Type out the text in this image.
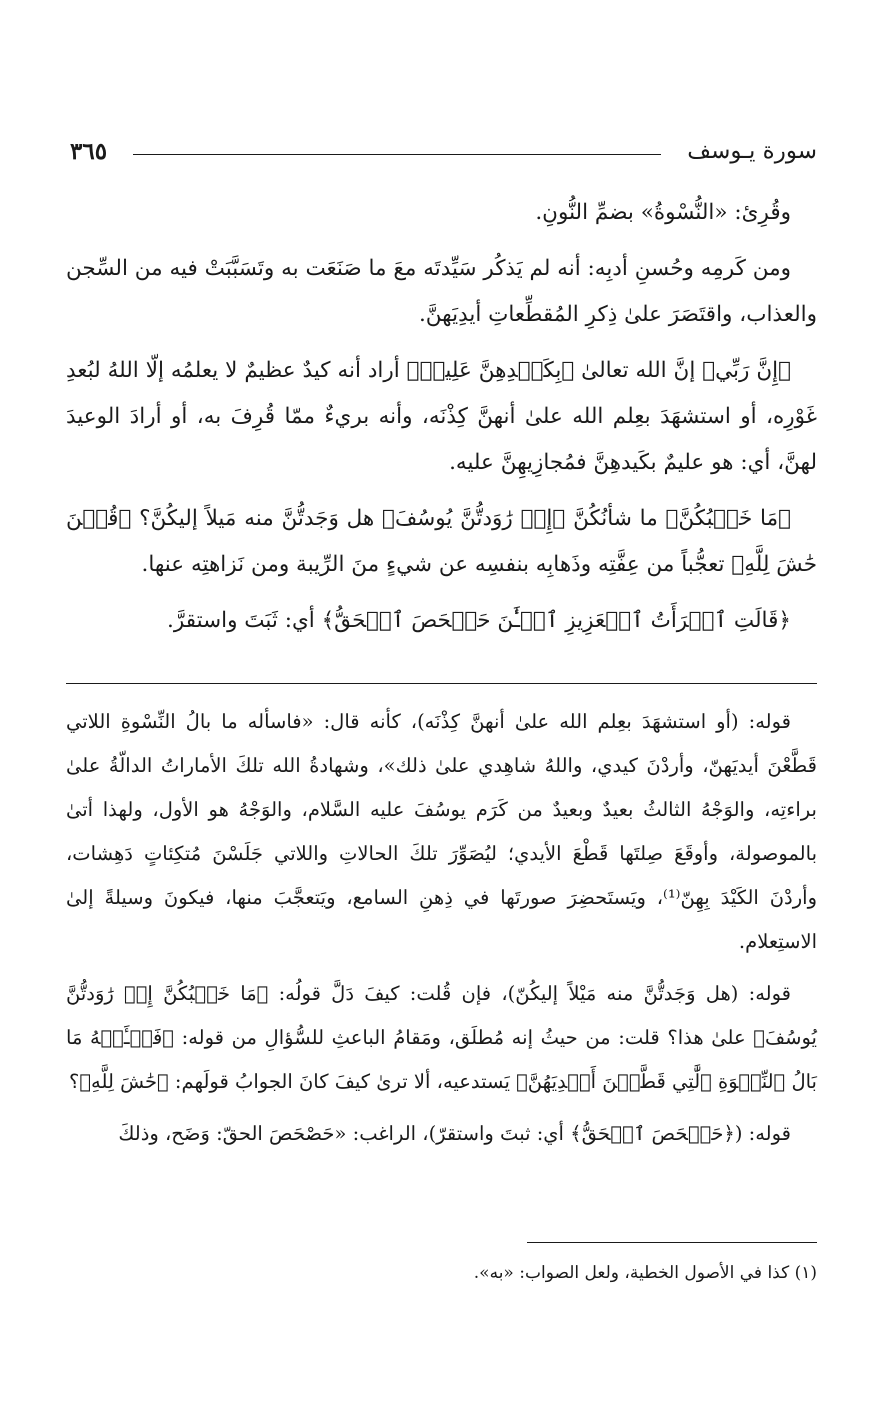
سورة يـوسف
٣٦٥

وقُرِئ: «النُّسْوةُ» بضمِّ النُّونِ.

ومن كَرمِه وحُسنِ أدبِه: أنه لم يَذكُر سَيِّدتَه معَ ما صَنَعَت به وتَسَبَّبَتْ فيه من السِّجن والعذاب، واقتَصَرَ علىٰ ذِكرِ المُقطِّعاتِ أيدِيَهنَّ.

﴿إِنَّ رَبِّي﴾ إنَّ الله تعالىٰ ﴿بِكَيۡدِهِنَّ عَلِيمٞ﴾ أراد أنه كيدٌ عظيمٌ لا يعلمُه إلّا اللهُ لبُعدِ غَوْرِه، أو استشهَدَ بعِلم الله علىٰ أنهنَّ كِذْنَه، وأنه بريءٌ ممّا قُرِفَ به، أو أرادَ الوعيدَ لهنَّ، أي: هو عليمٌ بكَيدهِنَّ فمُجازِيهِنَّ عليه.

﴿مَا خَطۡبُكُنَّ﴾ ما شأنُكُنَّ ﴿إِذۡ رَٰوَدتُّنَّ يُوسُفَ﴾ هل وَجَدتُّنَّ منه مَيلاً إليكُنَّ؟ ﴿قُلۡنَ حَٰشَ لِلَّهِ﴾ تعجُّباً من عِفَّتِه وذَهابِه بنفسِه عن شيءٍ منَ الرِّيبة ومن نَزاهتِه عنها.

﴿قَالَتِ ٱمۡرَأَتُ ٱلۡعَزِيزِ ٱلۡـَٰٔنَ حَصۡحَصَ ٱلۡحَقُّ﴾ أي: ثَبَتَ واستقرَّ.

قوله: (أو استشهَدَ بعِلم الله علىٰ أنهنَّ كِذْنَه)، كأنه قال: «فاسأله ما بالُ النِّسْوةِ اللاتي قَطَّعْنَ أيديَهنّ، وأردْنَ كيدي، واللهُ شاهِدي علىٰ ذلك»، وشهادةُ الله تلكَ الأماراتُ الدالّةُ علىٰ براءتِه، والوَجْهُ الثالثُ بعيدٌ وبعيدٌ من كَرَم يوسُفَ عليه السَّلام، والوَجْهُ هو الأول، ولهذا أتىٰ بالموصولة، وأوقَعَ صِلتَها قَطْعَ الأيدي؛ ليُصَوِّرَ تلكَ الحالاتِ واللاتي جَلَسْنَ مُتكِئاتٍ دَهِشات، وأردْنَ الكَيْدَ بِهِنّ⁽¹⁾، ويَستَحضِرَ صورتَها في ذِهنِ السامع، ويَتعجَّبَ منها، فيكونَ وسيلةً إلىٰ الاستِعلام.

قوله: (هل وَجَدتُّنَّ منه مَيْلاً إليكُنّ)، فإن قُلت: كيفَ دَلَّ قولُه: ﴿مَا خَطۡبُكُنَّ إِذۡ رَٰوَدتُّنَّ يُوسُفَ﴾ علىٰ هذا؟ قلت: من حيثُ إنه مُطلَق، ومَقامُ الباعثِ للسُّؤالِ من قوله: ﴿فَسۡـَٔلۡهُ مَا بَالُ ٱلنِّسۡوَةِ ٱلَّٰتِي قَطَّعۡنَ أَيۡدِيَهُنَّ﴾ يَستدعيه، ألا ترىٰ كيفَ كانَ الجوابُ قولَهم: ﴿حَٰشَ لِلَّهِ﴾؟

قوله: (﴿حَصۡحَصَ ٱلۡحَقُّ﴾ أي: ثبتَ واستقرّ)، الراغب: «حَصْحَصَ الحقّ: وَضَح، وذلكَ

(١) كذا في الأصول الخطية، ولعل الصواب: «به».
